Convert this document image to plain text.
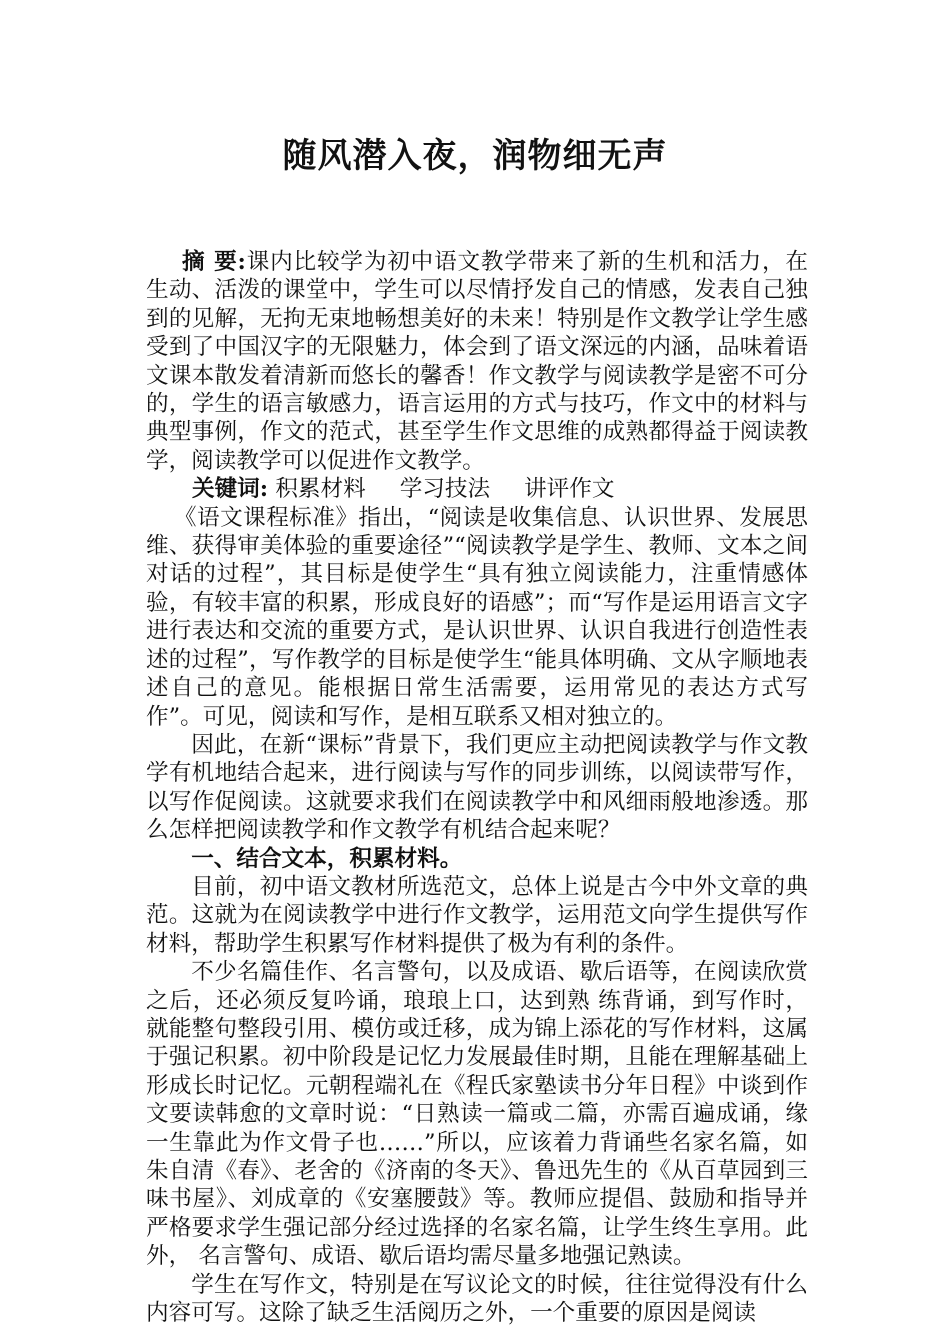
随风潜入夜，润物细无声

摘 要:课内比较学为初中语文教学带来了新的生机和活力，在生动、活泼的课堂中，学生可以尽情抒发自己的情感，发表自己独到的见解，无拘无束地畅想美好的未来！特别是作文教学让学生感受到了中国汉字的无限魅力，体会到了语文深远的内涵，品味着语文课本散发着清新而悠长的馨香！作文教学与阅读教学是密不可分的，学生的语言敏感力，语言运用的方式与技巧，作文中的材料与典型事例，作文的范式，甚至学生作文思维的成熟都得益于阅读教学，阅读教学可以促进作文教学。

关键词: 积累材料 学习技法 讲评作文

《语文课程标准》指出，“阅读是收集信息、认识世界、发展思维、获得审美体验的重要途径”“阅读教学是学生、教师、文本之间对话的过程”，其目标是使学生“具有独立阅读能力，注重情感体验，有较丰富的积累，形成良好的语感”；而“写作是运用语言文字进行表达和交流的重要方式，是认识世界、认识自我进行创造性表述的过程”，写作教学的目标是使学生“能具体明确、文从字顺地表述自己的意见。能根据日常生活需要，运用常见的表达方式写作”。可见，阅读和写作，是相互联系又相对独立的。

因此，在新“课标”背景下，我们更应主动把阅读教学与作文教学有机地结合起来，进行阅读与写作的同步训练，以阅读带写作，以写作促阅读。这就要求我们在阅读教学中和风细雨般地渗透。那么怎样把阅读教学和作文教学有机结合起来呢？

一、结合文本，积累材料。

目前，初中语文教材所选范文，总体上说是古今中外文章的典范。这就为在阅读教学中进行作文教学，运用范文向学生提供写作材料，帮助学生积累写作材料提供了极为有利的条件。

不少名篇佳作、名言警句，以及成语、歇后语等，在阅读欣赏之后，还必须反复吟诵，琅琅上口，达到熟 练背诵，到写作时，就能整句整段引用、模仿或迁移，成为锦上添花的写作材料，这属于强记积累。初中阶段是记忆力发展最佳时期，且能在理解基础上形成长时记忆。元朝程端礼在《程氏家塾读书分年日程》中谈到作文要读韩愈的文章时说：“日熟读一篇或二篇，亦需百遍成诵，缘一生靠此为作文骨子也……”所以，应该着力背诵些名家名篇，如朱自清《春》、老舍的《济南的冬天》、鲁迅先生的《从百草园到三味书屋》、刘成章的《安塞腰鼓》等。教师应提倡、鼓励和指导并严格要求学生强记部分经过选择的名家名篇，让学生终生享用。此外， 名言警句、成语、歇后语均需尽量多地强记熟读。

学生在写作文，特别是在写议论文的时候，往往觉得没有什么内容可写。这除了缺乏生活阅历之外，一个重要的原因是阅读
